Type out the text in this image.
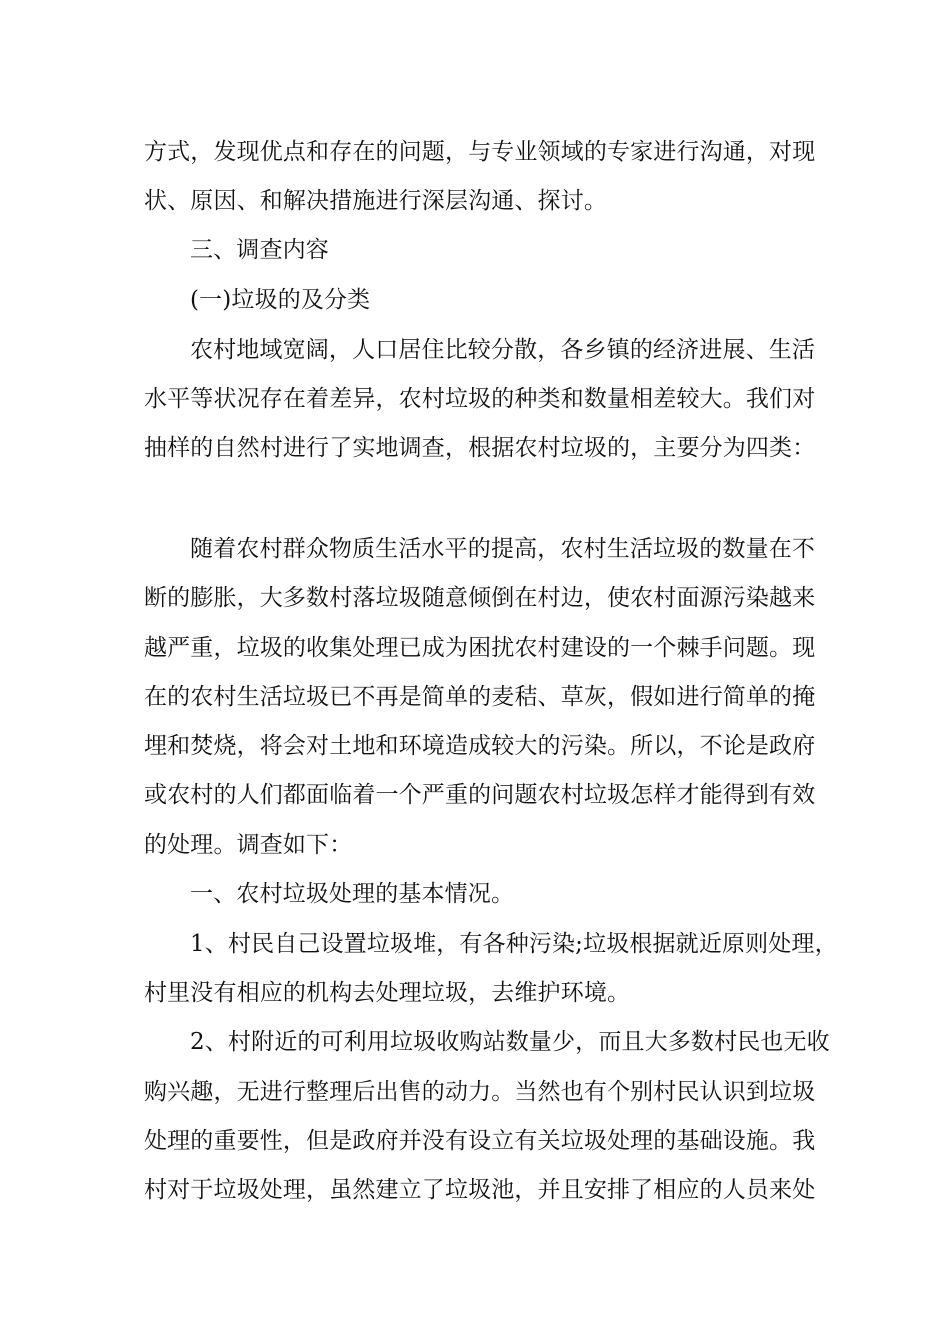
方式，发现优点和存在的问题，与专业领域的专家进行沟通，对现
状、原因、和解决措施进行深层沟通、探讨。
三、调查内容
(一)垃圾的及分类
农村地域宽阔，人口居住比较分散，各乡镇的经济进展、生活
水平等状况存在着差异，农村垃圾的种类和数量相差较大。我们对
抽样的自然村进行了实地调查，根据农村垃圾的，主要分为四类：
随着农村群众物质生活水平的提高，农村生活垃圾的数量在不
断的膨胀，大多数村落垃圾随意倾倒在村边，使农村面源污染越来
越严重，垃圾的收集处理已成为困扰农村建设的一个棘手问题。现
在的农村生活垃圾已不再是简单的麦秸、草灰，假如进行简单的掩
埋和焚烧，将会对土地和环境造成较大的污染。所以，不论是政府
或农村的人们都面临着一个严重的问题农村垃圾怎样才能得到有效
的处理。调查如下：
一、农村垃圾处理的基本情况。
1、村民自己设置垃圾堆，有各种污染;垃圾根据就近原则处理，
村里没有相应的机构去处理垃圾，去维护环境。
2、村附近的可利用垃圾收购站数量少，而且大多数村民也无收
购兴趣，无进行整理后出售的动力。当然也有个别村民认识到垃圾
处理的重要性，但是政府并没有设立有关垃圾处理的基础设施。我
村对于垃圾处理，虽然建立了垃圾池，并且安排了相应的人员来处
